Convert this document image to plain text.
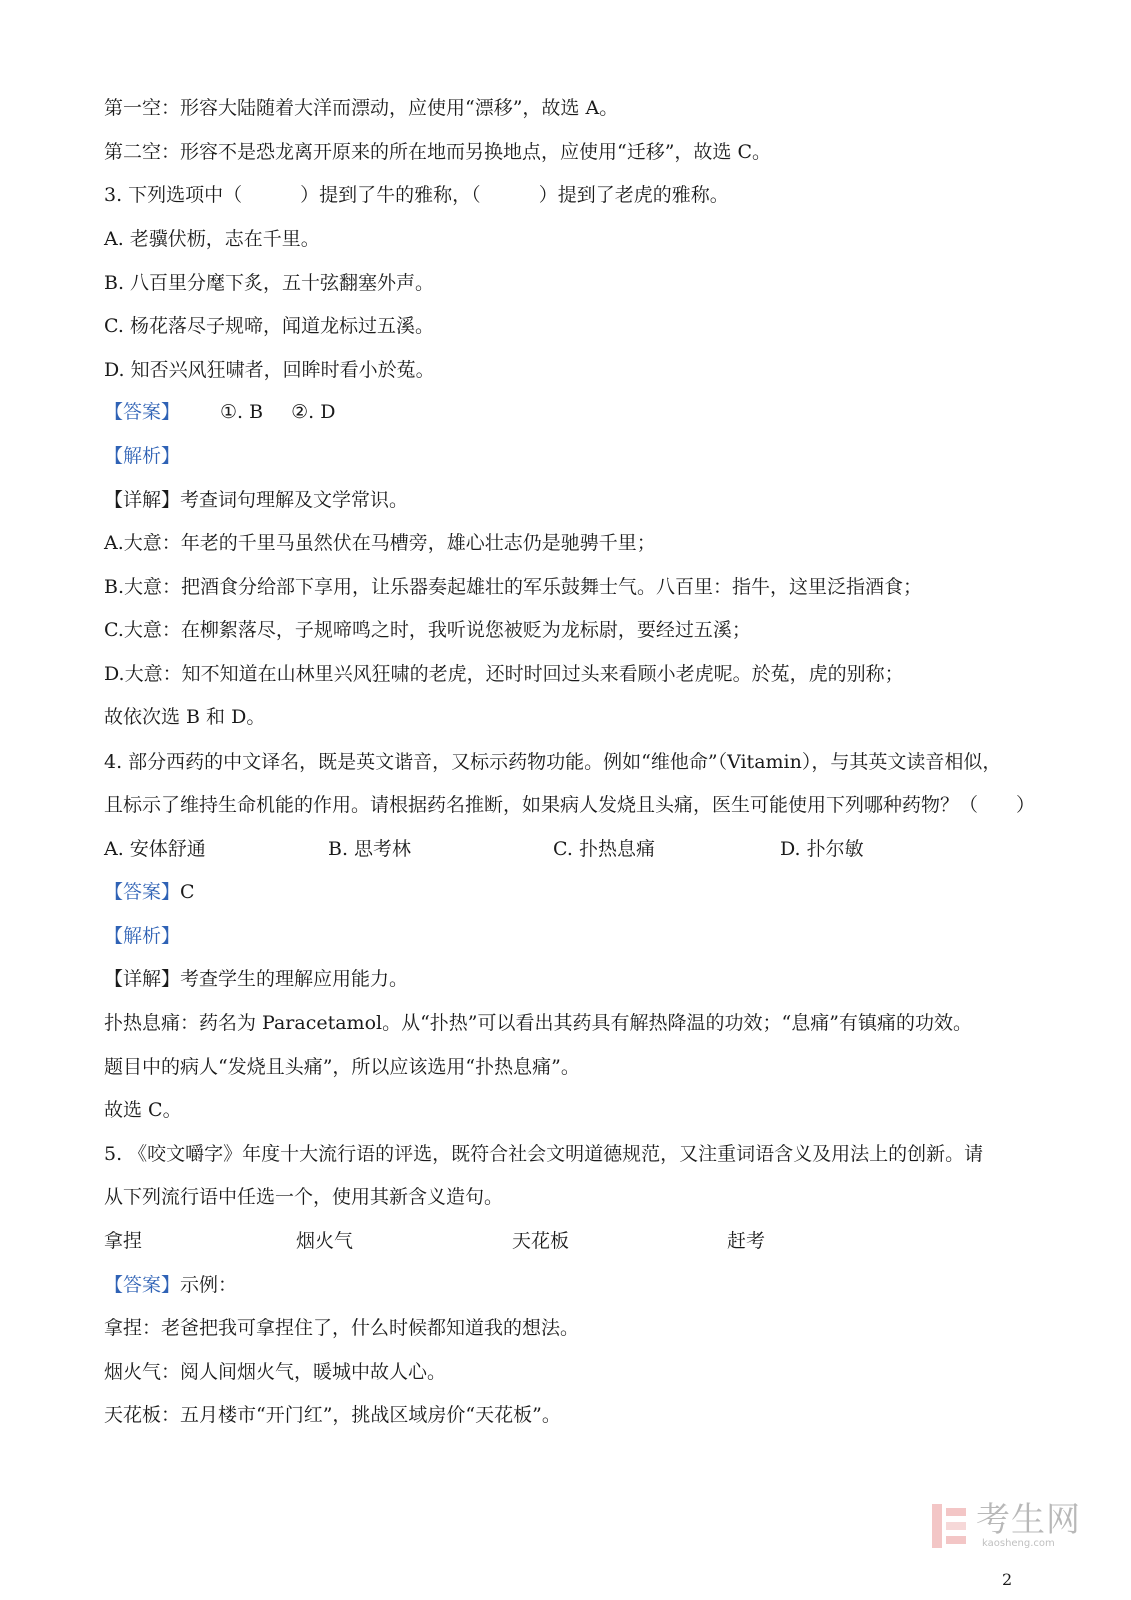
第一空：形容大陆随着大洋而漂动，应使用“漂移”，故选 A。
第二空：形容不是恐龙离开原来的所在地而另换地点，应使用“迁移”，故选 C。
3. 下列选项中（	）提到了牛的雅称，（	）提到了老虎的雅称。
A. 老骥伏枥，志在千里。
B. 八百里分麾下炙，五十弦翻塞外声。
C. 杨花落尽子规啼，闻道龙标过五溪。
D. 知否兴风狂啸者，回眸时看小於菟。
【答案】 ①. B ②. D
【解析】
【详解】考查词句理解及文学常识。
A.大意：年老的千里马虽然伏在马槽旁，雄心壮志仍是驰骋千里；
B.大意：把酒食分给部下享用，让乐器奏起雄壮的军乐鼓舞士气。八百里：指牛，这里泛指酒食；
C.大意：在柳絮落尽，子规啼鸣之时，我听说您被贬为龙标尉，要经过五溪；
D.大意：知不知道在山林里兴风狂啸的老虎，还时时回过头来看顾小老虎呢。於菟，虎的别称；
故依次选 B 和 D。
4. 部分西药的中文译名，既是英文谐音，又标示药物功能。例如“维他命”（Vitamin），与其英文读音相似，
且标示了维持生命机能的作用。请根据药名推断，如果病人发烧且头痛，医生可能使用下列哪种药物？（　　）
A. 安体舒通	B. 思考林	C. 扑热息痛	D. 扑尔敏
【答案】C
【解析】
【详解】考查学生的理解应用能力。
扑热息痛：药名为 Paracetamol。从“扑热”可以看出其药具有解热降温的功效；“息痛”有镇痛的功效。
题目中的病人“发烧且头痛”，所以应该选用“扑热息痛”。
故选 C。
5. 《咬文嚼字》年度十大流行语的评选，既符合社会文明道德规范，又注重词语含义及用法上的创新。请
从下列流行语中任选一个，使用其新含义造句。
拿捏	烟火气	天花板	赶考
【答案】示例：
拿捏：老爸把我可拿捏住了，什么时候都知道我的想法。
烟火气：阅人间烟火气，暖城中故人心。
天花板：五月楼市“开门红”，挑战区域房价“天花板”。
考生网
kaosheng.com
2
